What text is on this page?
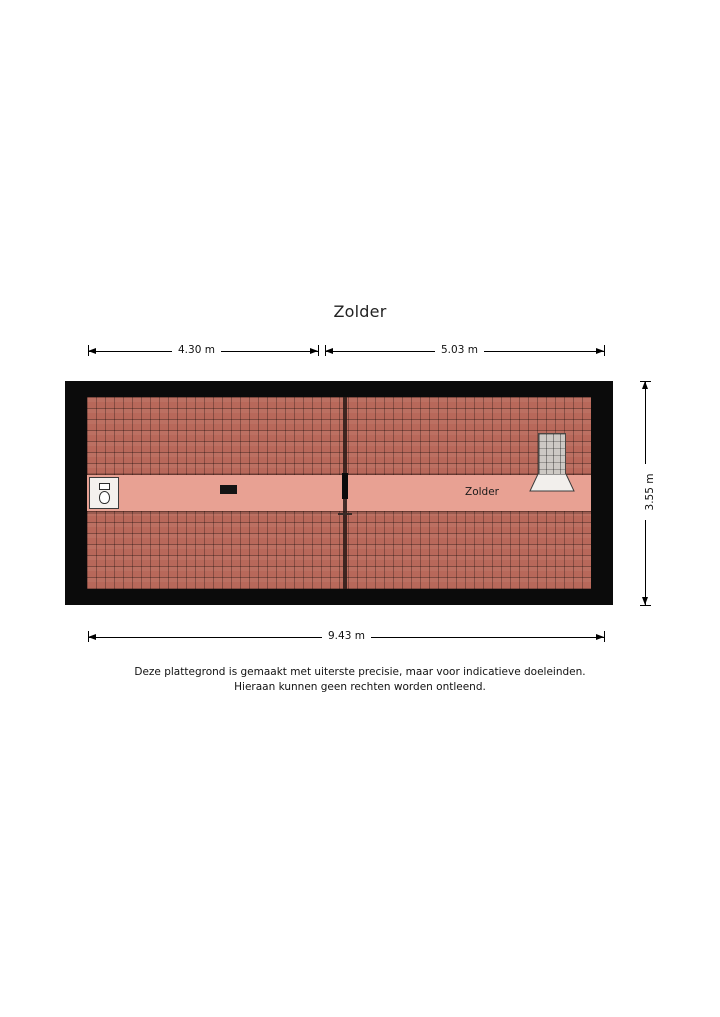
Zolder
4.30 m	5.03 m
Zolder	3.55 m
9.43 m
Deze plattegrond is gemaakt met uiterste precisie, maar voor indicatieve doeleinden.
Hieraan kunnen geen rechten worden ontleend.
